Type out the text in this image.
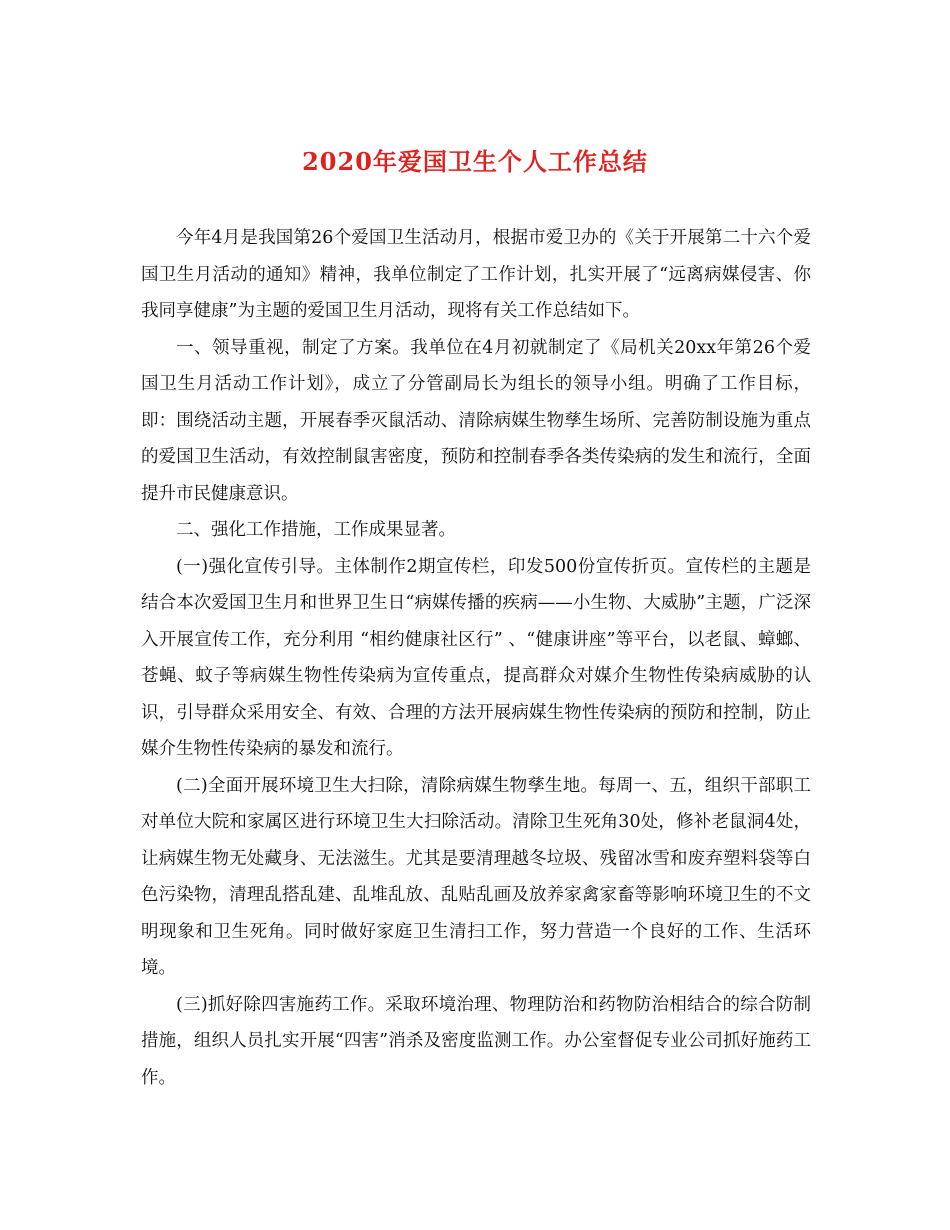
2020年爱国卫生个人工作总结

今年4月是我国第26个爱国卫生活动月，根据市爱卫办的《关于开展第二十六个爱国卫生月活动的通知》精神，我单位制定了工作计划，扎实开展了“远离病媒侵害、你我同享健康”为主题的爱国卫生月活动，现将有关工作总结如下。

一、领导重视，制定了方案。我单位在4月初就制定了《局机关20xx年第26个爱国卫生月活动工作计划》，成立了分管副局长为组长的领导小组。明确了工作目标，即：围绕活动主题，开展春季灭鼠活动、清除病媒生物孳生场所、完善防制设施为重点的爱国卫生活动，有效控制鼠害密度，预防和控制春季各类传染病的发生和流行，全面提升市民健康意识。

二、强化工作措施，工作成果显著。

(一)强化宣传引导。主体制作2期宣传栏，印发500份宣传折页。宣传栏的主题是结合本次爱国卫生月和世界卫生日“病媒传播的疾病——小生物、大威胁”主题，广泛深入开展宣传工作，充分利用 “相约健康社区行” 、“健康讲座”等平台，以老鼠、蟑螂、苍蝇、蚊子等病媒生物性传染病为宣传重点，提高群众对媒介生物性传染病威胁的认识，引导群众采用安全、有效、合理的方法开展病媒生物性传染病的预防和控制，防止媒介生物性传染病的暴发和流行。

(二)全面开展环境卫生大扫除，清除病媒生物孳生地。每周一、五，组织干部职工对单位大院和家属区进行环境卫生大扫除活动。清除卫生死角30处，修补老鼠洞4处，让病媒生物无处藏身、无法滋生。尤其是要清理越冬垃圾、残留冰雪和废弃塑料袋等白色污染物，清理乱搭乱建、乱堆乱放、乱贴乱画及放养家禽家畜等影响环境卫生的不文明现象和卫生死角。同时做好家庭卫生清扫工作，努力营造一个良好的工作、生活环境。

(三)抓好除四害施药工作。采取环境治理、物理防治和药物防治相结合的综合防制措施，组织人员扎实开展“四害”消杀及密度监测工作。办公室督促专业公司抓好施药工作。
